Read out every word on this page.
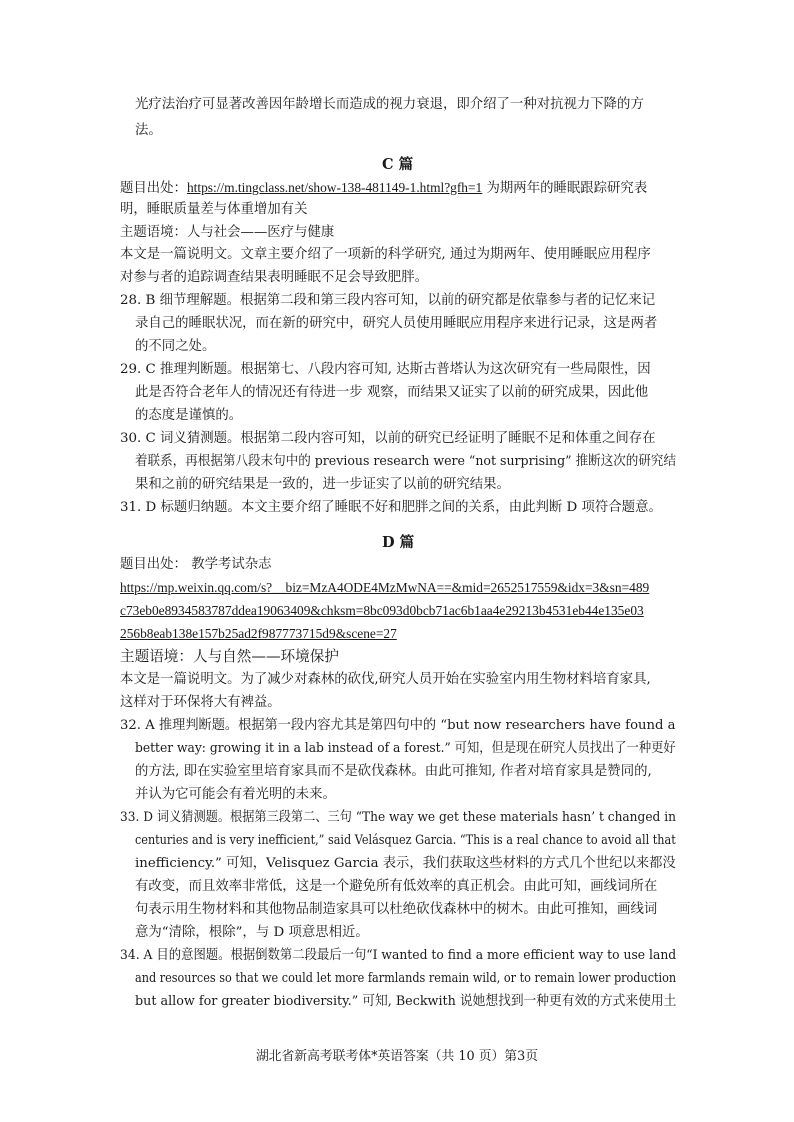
光疗法治疗可显著改善因年龄增长而造成的视力衰退，即介绍了一种对抗视力下降的方
法。
C 篇
题目出处：https://m.tingclass.net/show-138-481149-1.html?gfh=1 为期两年的睡眠跟踪研究表
明，睡眠质量差与体重增加有关
主题语境：人与社会——医疗与健康
本文是一篇说明文。文章主要介绍了一项新的科学研究, 通过为期两年、使用睡眠应用程序
对参与者的追踪调查结果表明睡眠不足会导致肥胖。
28. B 细节理解题。根据第二段和第三段内容可知，以前的研究都是依靠参与者的记忆来记
录自己的睡眠状况，而在新的研究中，研究人员使用睡眠应用程序来进行记录，这是两者
的不同之处。
29. C 推理判断题。根据第七、八段内容可知, 达斯古普塔认为这次研究有一些局限性，因
此是否符合老年人的情况还有待进一步 观察，而结果又证实了以前的研究成果，因此他
的态度是谨慎的。
30. C 词义猜测题。根据第二段内容可知，以前的研究已经证明了睡眠不足和体重之间存在
着联系，再根据第八段末句中的 previous research were “not surprising” 推断这次的研究结
果和之前的研究结果是一致的，进一步证实了以前的研究结果。
31. D 标题归纳题。本文主要介绍了睡眠不好和肥胖之间的关系，由此判断 D 项符合题意。
D 篇
题目出处： 教学考试杂志
https://mp.weixin.qq.com/s?__biz=MzA4ODE4MzMwNA==&mid=2652517559&idx=3&sn=489
c73eb0e8934583787ddea19063409&chksm=8bc093d0bcb71ac6b1aa4e29213b4531eb44e135e03
256b8eab138e157b25ad2f987773715d9&scene=27
主题语境：人与自然——环境保护
本文是一篇说明文。为了减少对森林的砍伐,研究人员开始在实验室内用生物材料培育家具,
这样对于环保将大有裨益。
32. A 推理判断题。根据第一段内容尤其是第四句中的 “but now researchers have found a
better way: growing it in a lab instead of a forest.” 可知，但是现在研究人员找出了一种更好
的方法, 即在实验室里培育家具而不是砍伐森林。由此可推知, 作者对培育家具是赞同的,
并认为它可能会有着光明的未来。
33. D 词义猜测题。根据第三段第二、三句 “The way we get these materials hasn’ t changed in
centuries and is very inefficient,” said Velásquez Garcia. “This is a real chance to avoid all that
inefficiency.” 可知，Velisquez Garcia 表示，我们获取这些材料的方式几个世纪以来都没
有改变，而且效率非常低，这是一个避免所有低效率的真正机会。由此可知，画线词所在
句表示用生物材料和其他物品制造家具可以杜绝砍伐森林中的树木。由此可推知，画线词
意为“清除，根除”，与 D 项意思相近。
34. A 目的意图题。根据倒数第二段最后一句“I wanted to find a more efficient way to use land
and resources so that we could let more farmlands remain wild, or to remain lower production
but allow for greater biodiversity.” 可知, Beckwith 说她想找到一种更有效的方式来使用土
湖北省新高考联考体*英语答案（共 10 页）第3页
